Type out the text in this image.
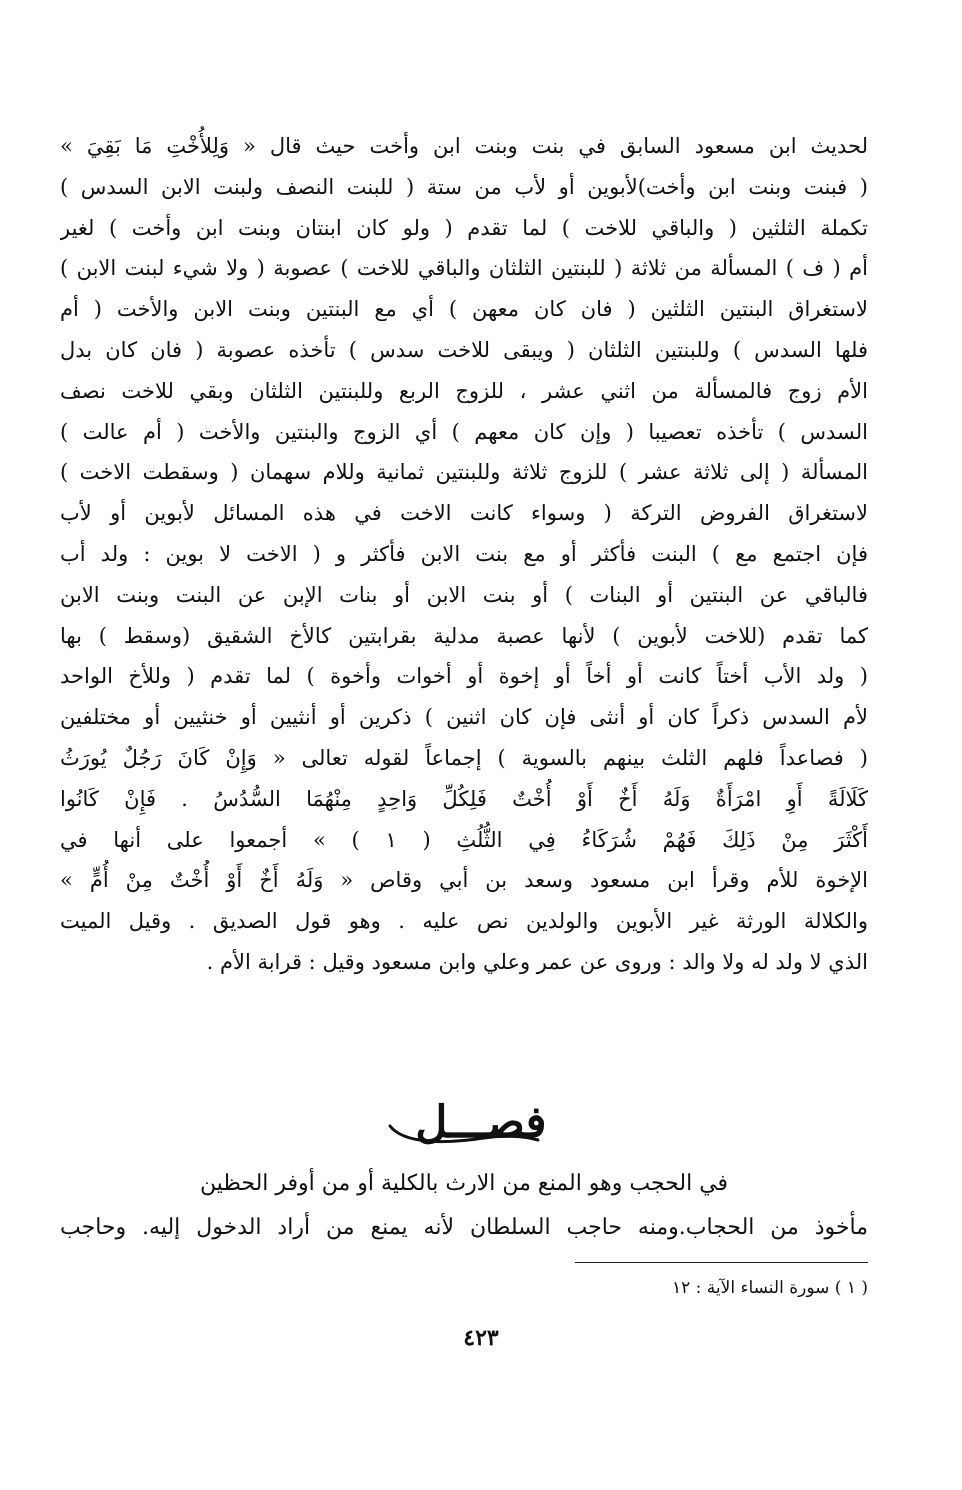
لحديث ابن مسعود السابق في بنت وبنت ابن وأخت حيث قال « وَلِلأُخْتِ مَا بَقِيَ »
( فبنت وبنت ابن وأخت)لأبوين أو لأب من ستة ( للبنت النصف ولبنت الابن السدس )
تكملة الثلثين ( والباقي للاخت ) لما تقدم ( ولو كان ابنتان وبنت ابن وأخت ) لغير
أم ( ف ) المسألة من ثلاثة ( للبنتين الثلثان والباقي للاخت ) عصوبة ( ولا شيء لبنت الابن )
لاستغراق البنتين الثلثين ( فان كان معهن ) أي مع البنتين وبنت الابن والأخت ( أم
فلها السدس ) وللبنتين الثلثان ( ويبقى للاخت سدس ) تأخذه عصوبة ( فان كان بدل
الأم زوج فالمسألة من اثني عشر ، للزوج الربع وللبنتين الثلثان وبقي للاخت نصف
السدس ) تأخذه تعصيبا ( وإن كان معهم ) أي الزوج والبنتين والأخت ( أم عالت )
المسألة ( إلى ثلاثة عشر ) للزوج ثلاثة وللبنتين ثمانية وللام سهمان ( وسقطت الاخت )
لاستغراق الفروض التركة ( وسواء كانت الاخت في هذه المسائل لأبوين أو لأب
فإن اجتمع مع ) البنت فأكثر أو مع بنت الابن فأكثر و ( الاخت لا بوين : ولد أب
فالباقي عن البنتين أو البنات ) أو بنت الابن أو بنات الإبن عن البنت وبنت الابن
كما تقدم (للاخت لأبوين ) لأنها عصبة مدلية بقرابتين كالأخ الشقيق (وسقط ) بها
( ولد الأب أختاً كانت أو أخاً أو إخوة أو أخوات وأخوة ) لما تقدم ( وللأخ الواحد
لأم السدس ذكراً كان أو أنثى فإن كان اثنين ) ذكرين أو أنثيين أو خنثيين أو مختلفين
( فصاعداً فلهم الثلث بينهم بالسوية ) إجماعاً لقوله تعالى « وَإِنْ كَانَ رَجُلٌ يُورَثُ
كَلَالَةً أَوِ امْرَأَةٌ وَلَهُ أَخٌ أَوْ أُخْتٌ فَلِكُلِّ وَاحِدٍ مِنْهُمَا السُّدُسُ . فَإِنْ كَانُوا
أَكْثَرَ مِنْ ذَلِكَ فَهُمْ شُرَكَاءُ فِي الثُّلُثِ ( ١ ) » أجمعوا على أنها في
الإخوة للأم وقرأ ابن مسعود وسعد بن أبي وقاص « وَلَهُ أَخٌ أَوْ أُخْتٌ مِنْ أُمٍّ »
والكلالة الورثة غير الأبوين والولدين نص عليه . وهو قول الصديق . وقيل الميت
الذي لا ولد له ولا والد : وروى عن عمر وعلي وابن مسعود وقيل : قرابة الأم .
فصـــل
في الحجب وهو المنع من الارث بالكلية أو من أوفر الحظين
مأخوذ من الحجاب.ومنه حاجب السلطان لأنه يمنع من أراد الدخول إليه. وحاجب
( ١ ) سورة النساء الآية : ١٢
٤٢٣
